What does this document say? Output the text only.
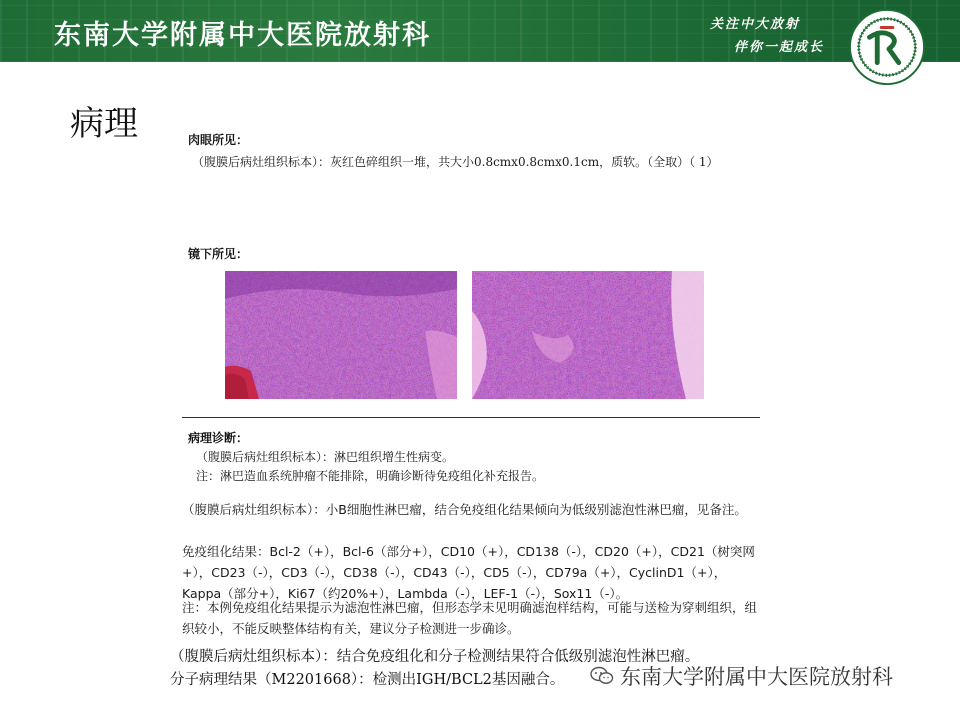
东南大学附属中大医院放射科	关注中大放射
伴你一起成长
病理	肉眼所见：
（腹膜后病灶组织标本）：灰红色碎组织一堆，共大小0.8cmx0.8cmx0.1cm，质软。（全取）（ 1）
镜下所见：
病理诊断：
（腹膜后病灶组织标本）：淋巴组织增生性病变。
注：淋巴造血系统肿瘤不能排除，明确诊断待免疫组化补充报告。
（腹膜后病灶组织标本）：小B细胞性淋巴瘤，结合免疫组化结果倾向为低级别滤泡性淋巴瘤，见备注。
免疫组化结果：Bcl-2（+），Bcl-6（部分+），CD10（+），CD138（-），CD20（+），CD21（树突网+），CD23（-），CD3（-），CD38（-），CD43（-），CD5（-），CD79a（+），CyclinD1（+），Kappa（部分+），Ki67（约20%+），Lambda（-），LEF-1（-），Sox11（-）。
注：本例免疫组化结果提示为滤泡性淋巴瘤，但形态学未见明确滤泡样结构，可能与送检为穿刺组织，组织较小，不能反映整体结构有关，建议分子检测进一步确诊。
（腹膜后病灶组织标本）：结合免疫组化和分子检测结果符合低级别滤泡性淋巴瘤。
分子病理结果（M2201668）：检测出IGH/BCL2基因融合。	东南大学附属中大医院放射科
